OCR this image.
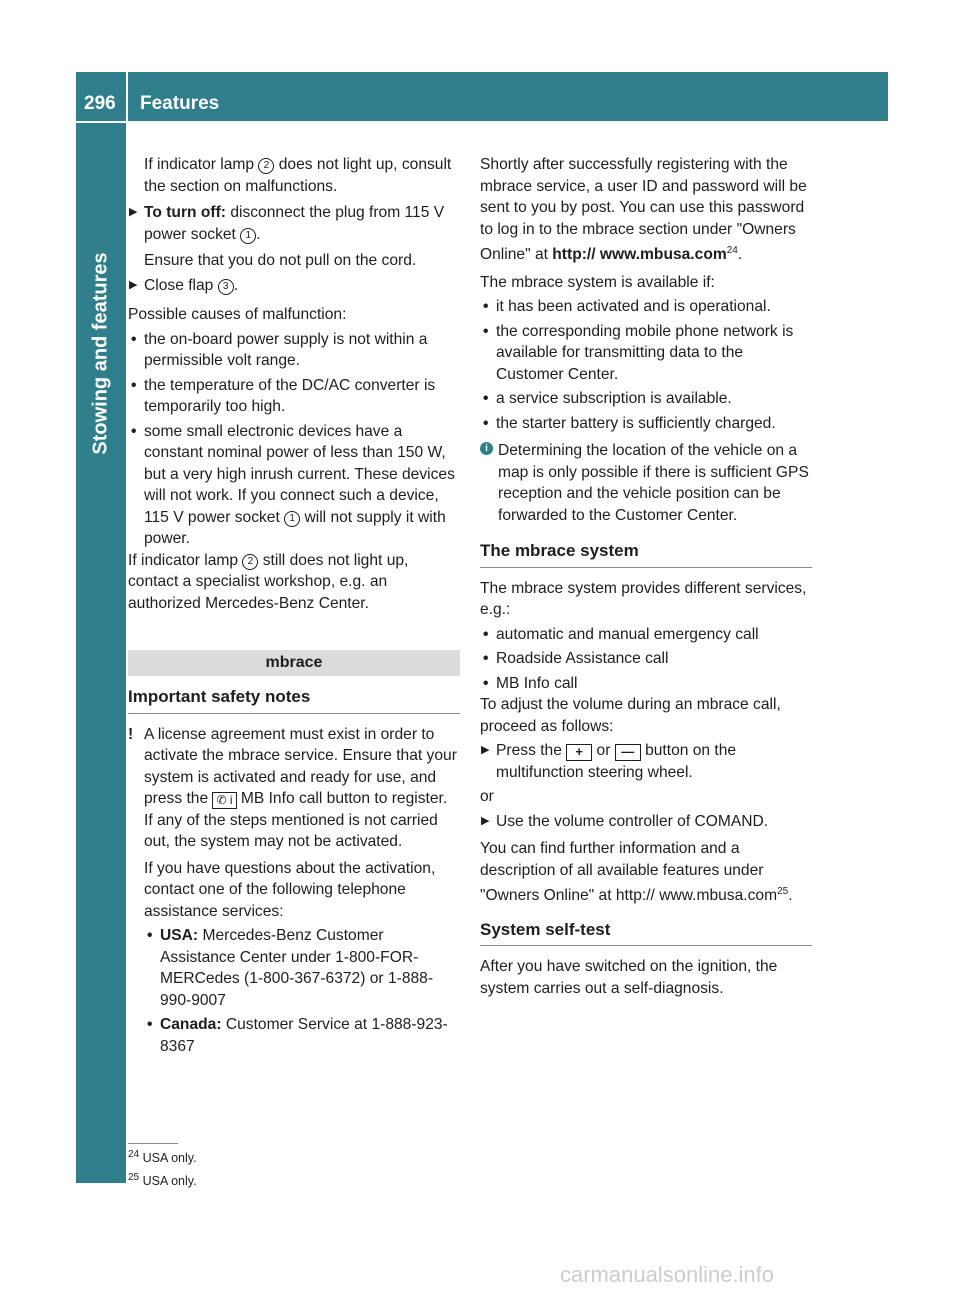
296 Features
Stowing and features

If indicator lamp 2 does not light up, consult the section on malfunctions.

▶ To turn off: disconnect the plug from 115 V power socket 1 .

Ensure that you do not pull on the cord.

▶ Close flap 3 .

Possible causes of malfunction:

• the on-board power supply is not within a permissible volt range.
• the temperature of the DC/AC converter is temporarily too high.
• some small electronic devices have a constant nominal power of less than 150 W, but a very high inrush current. These devices will not work. If you connect such a device, 115 V power socket 1 will not supply it with power.

If indicator lamp 2 still does not light up, contact a specialist workshop, e.g. an authorized Mercedes-Benz Center.

mbrace
Important safety notes
! A license agreement must exist in order to activate the mbrace service. Ensure that your system is activated and ready for use, and press the ✆ i MB Info call button to register. If any of the steps mentioned is not carried out, the system may not be activated.

If you have questions about the activation, contact one of the following telephone assistance services:

• USA: Mercedes-Benz Customer Assistance Center under 1-800-FOR-MERCedes (1-800-367-6372) or 1-888-990-9007
• Canada: Customer Service at 1-888-923-8367

Shortly after successfully registering with the mbrace service, a user ID and password will be sent to you by post. You can use this password to log in to the mbrace section under "Owners Online" at http:// www.mbusa.com$^{24}$.

The mbrace system is available if:

• it has been activated and is operational.
• the corresponding mobile phone network is available for transmitting data to the Customer Center.
• a service subscription is available.
• the starter battery is sufficiently charged.
i Determining the location of the vehicle on a map is only possible if there is sufficient GPS reception and the vehicle position can be forwarded to the Customer Center.
The mbrace system

The mbrace system provides different services, e.g.:

• automatic and manual emergency call
• Roadside Assistance call
• MB Info call

To adjust the volume during an mbrace call, proceed as follows:

▶ Press the + or — button on the multifunction steering wheel.

or

▶ Use the volume controller of COMAND.

You can find further information and a description of all available features under "Owners Online" at http:// www.mbusa.com$^{25}$.

System self-test

After you have switched on the ignition, the system carries out a self-diagnosis.

$^{24}$ USA only.
$^{25}$ USA only.
carmanualsonline.info
